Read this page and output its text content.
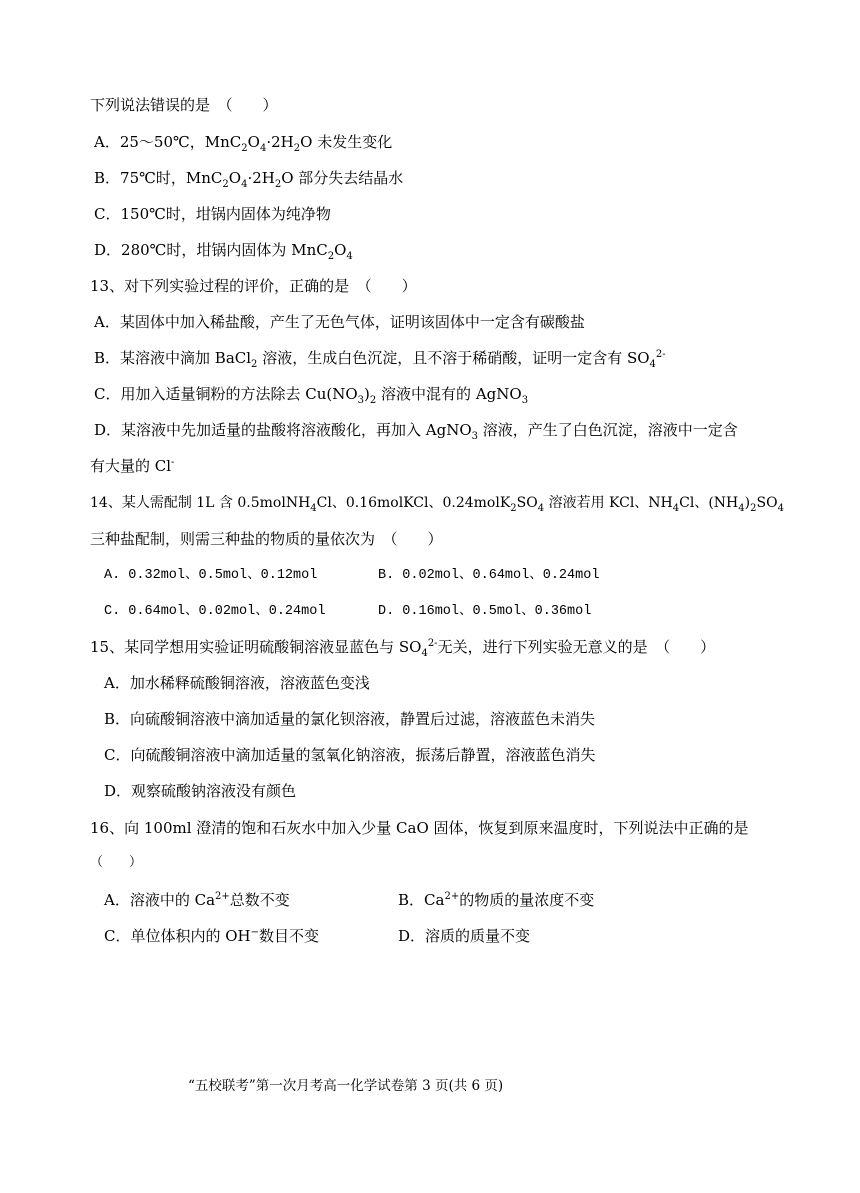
下列说法错误的是　（　　）
A．25～50℃，$MnC_2O_4\cdot 2H_2O$ 未发生变化
B．75℃时，$MnC_2O_4\cdot 2H_2O$ 部分失去结晶水
C．150℃时，坩锅内固体为纯净物
D．280℃时，坩锅内固体为 $MnC_2O_4$
13、对下列实验过程的评价，正确的是　（　　）
A．某固体中加入稀盐酸，产生了无色气体，证明该固体中一定含有碳酸盐
B．某溶液中滴加 BaCl$_2$ 溶液，生成白色沉淀，且不溶于稀硝酸，证明一定含有 $SO_4^{2-}$
C．用加入适量铜粉的方法除去 $Cu(NO_3)_2$ 溶液中混有的 AgNO$_3$
D．某溶液中先加适量的盐酸将溶液酸化，再加入 AgNO$_3$ 溶液，产生了白色沉淀，溶液中一定含
有大量的 Cl-
14、某人需配制 1L 含 0.5molNH$_4$Cl、0.16molKCl、$0.24molK_2SO_4$ 溶液若用 KCl、$NH_4Cl$、$(NH_4)_2SO_4$
三种盐配制，则需三种盐的物质的量依次为　（　　）
A. 0.32mol、0.5mol、0.12mol	B. 0.02mol、0.64mol、0.24mol
C. 0.64mol、0.02mol、0.24mol	D. 0.16mol、0.5mol、0.36mol
15、某同学想用实验证明硫酸铜溶液显蓝色与 $SO_4^{2-}$无关，进行下列实验无意义的是　（　　）
A．加水稀释硫酸铜溶液，溶液蓝色变浅
B．向硫酸铜溶液中滴加适量的氯化钡溶液，静置后过滤，溶液蓝色未消失
C．向硫酸铜溶液中滴加适量的氢氧化钠溶液，振荡后静置，溶液蓝色消失
D．观察硫酸钠溶液没有颜色
16、向 100ml 澄清的饱和石灰水中加入少量 CaO 固体，恢复到原来温度时，下列说法中正确的是
（　　）
A．溶液中的 $Ca^{2+}$总数不变	B．$Ca^{2+}$的物质的量浓度不变
C．单位体积内的 OH−数目不变	D．溶质的质量不变
“五校联考”第一次月考高一化学试卷第 3 页(共 6 页)
